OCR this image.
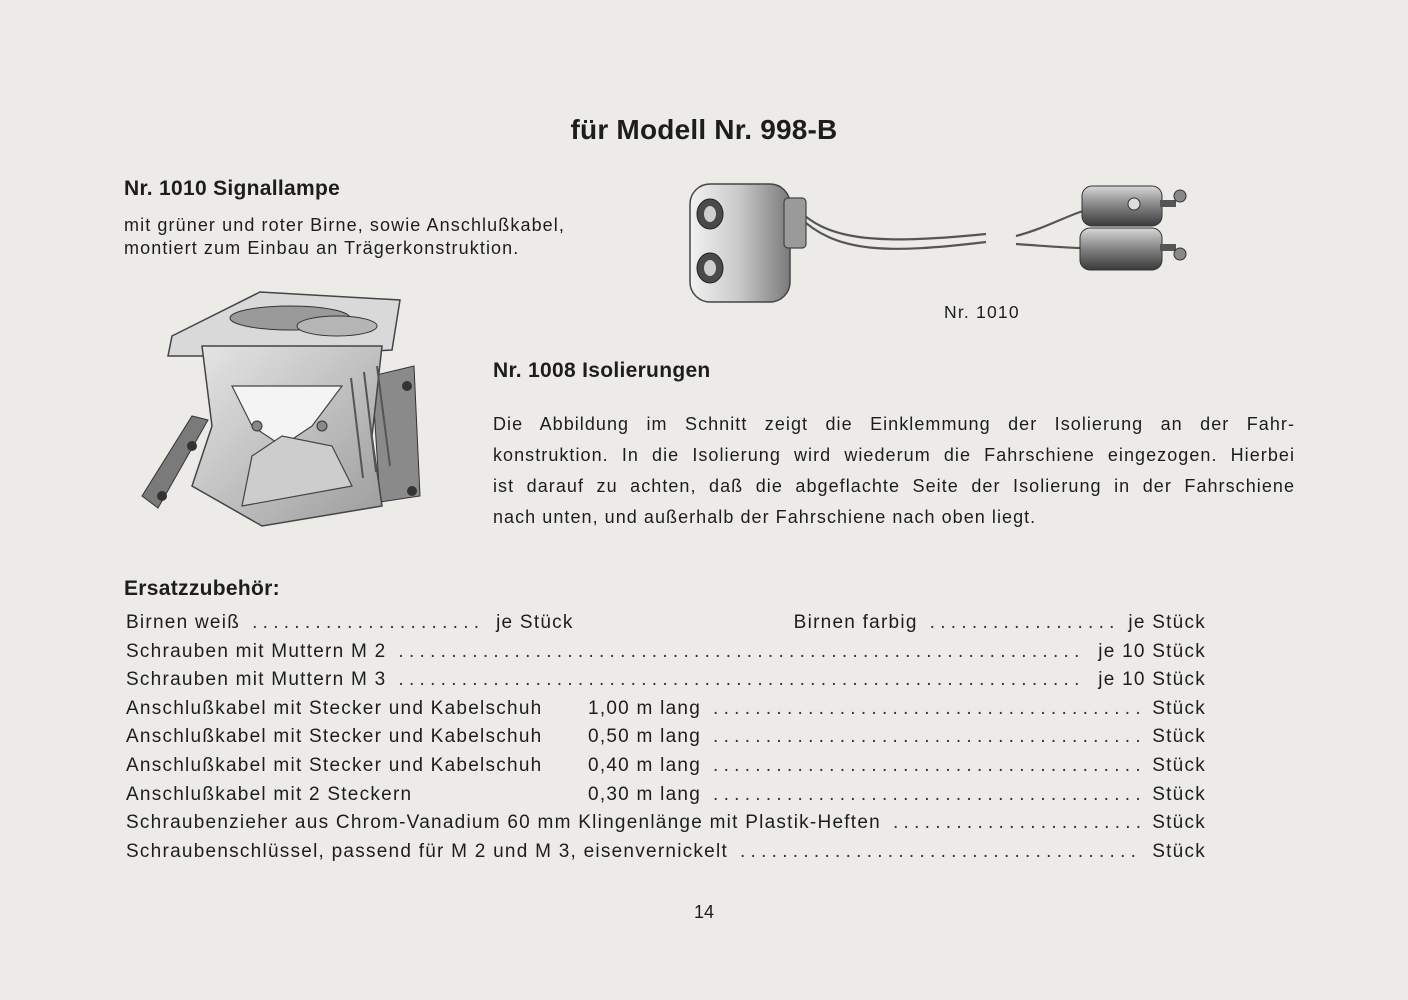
für Modell Nr. 998-B
Nr. 1010 Signallampe
mit grüner und roter Birne, sowie Anschlußkabel,
montiert zum Einbau an Trägerkonstruktion.
Nr. 1010
Nr. 1008 Isolierungen
Die Abbildung im Schnitt zeigt die Einklemmung der Isolierung an der Fahr-
konstruktion. In die Isolierung wird wiederum die Fahrschiene eingezogen. Hierbei
ist darauf zu achten, daß die abgeflachte Seite der Isolierung in der Fahrschiene
nach unten, und außerhalb der Fahrschiene nach oben liegt.
Ersatzzubehör:
Birnen weiß . . .	je Stück	Birnen farbig . . .	je Stück
Schrauben mit Muttern M 2 . . .	je 10 Stück
Schrauben mit Muttern M 3 . . .	je 10 Stück
Anschlußkabel mit Stecker und Kabelschuh	1,00 m lang . . .	Stück
Anschlußkabel mit Stecker und Kabelschuh	0,50 m lang . . .	Stück
Anschlußkabel mit Stecker und Kabelschuh	0,40 m lang . . .	Stück
Anschlußkabel mit 2 Steckern	0,30 m lang . . .	Stück
Schraubenzieher aus Chrom-Vanadium 60 mm Klingenlänge mit Plastik-Heften . . .	Stück
Schraubenschlüssel, passend für M 2 und M 3, eisenvernickelt . . .	Stück
14
